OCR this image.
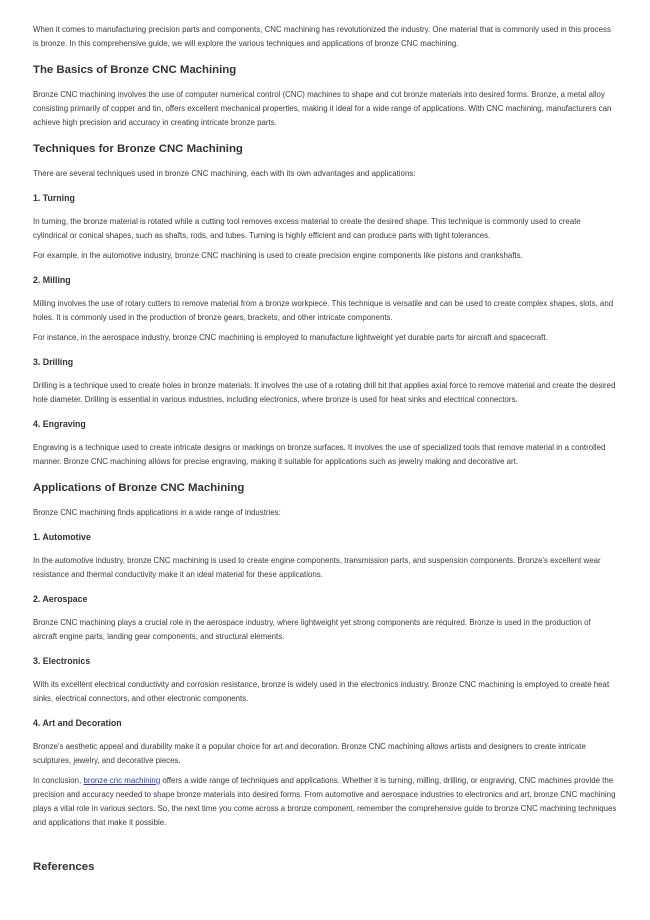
When it comes to manufacturing precision parts and components, CNC machining has revolutionized the industry. One material that is commonly used in this process is bronze. In this comprehensive guide, we will explore the various techniques and applications of bronze CNC machining.

The Basics of Bronze CNC Machining

Bronze CNC machining involves the use of computer numerical control (CNC) machines to shape and cut bronze materials into desired forms. Bronze, a metal alloy consisting primarily of copper and tin, offers excellent mechanical properties, making it ideal for a wide range of applications. With CNC machining, manufacturers can achieve high precision and accuracy in creating intricate bronze parts.

Techniques for Bronze CNC Machining

There are several techniques used in bronze CNC machining, each with its own advantages and applications:

1. Turning

In turning, the bronze material is rotated while a cutting tool removes excess material to create the desired shape. This technique is commonly used to create cylindrical or conical shapes, such as shafts, rods, and tubes. Turning is highly efficient and can produce parts with tight tolerances.

For example, in the automotive industry, bronze CNC machining is used to create precision engine components like pistons and crankshafts.

2. Milling

Milling involves the use of rotary cutters to remove material from a bronze workpiece. This technique is versatile and can be used to create complex shapes, slots, and holes. It is commonly used in the production of bronze gears, brackets, and other intricate components.

For instance, in the aerospace industry, bronze CNC machining is employed to manufacture lightweight yet durable parts for aircraft and spacecraft.

3. Drilling

Drilling is a technique used to create holes in bronze materials. It involves the use of a rotating drill bit that applies axial force to remove material and create the desired hole diameter. Drilling is essential in various industries, including electronics, where bronze is used for heat sinks and electrical connectors.

4. Engraving

Engraving is a technique used to create intricate designs or markings on bronze surfaces. It involves the use of specialized tools that remove material in a controlled manner. Bronze CNC machining allows for precise engraving, making it suitable for applications such as jewelry making and decorative art.

Applications of Bronze CNC Machining

Bronze CNC machining finds applications in a wide range of industries:

1. Automotive

In the automotive industry, bronze CNC machining is used to create engine components, transmission parts, and suspension components. Bronze's excellent wear resistance and thermal conductivity make it an ideal material for these applications.

2. Aerospace

Bronze CNC machining plays a crucial role in the aerospace industry, where lightweight yet strong components are required. Bronze is used in the production of aircraft engine parts, landing gear components, and structural elements.

3. Electronics

With its excellent electrical conductivity and corrosion resistance, bronze is widely used in the electronics industry. Bronze CNC machining is employed to create heat sinks, electrical connectors, and other electronic components.

4. Art and Decoration

Bronze's aesthetic appeal and durability make it a popular choice for art and decoration. Bronze CNC machining allows artists and designers to create intricate sculptures, jewelry, and decorative pieces.

In conclusion, bronze cnc machining offers a wide range of techniques and applications. Whether it is turning, milling, drilling, or engraving, CNC machines provide the precision and accuracy needed to shape bronze materials into desired forms. From automotive and aerospace industries to electronics and art, bronze CNC machining plays a vital role in various sectors. So, the next time you come across a bronze component, remember the comprehensive guide to bronze CNC machining techniques and applications that make it possible.

References
